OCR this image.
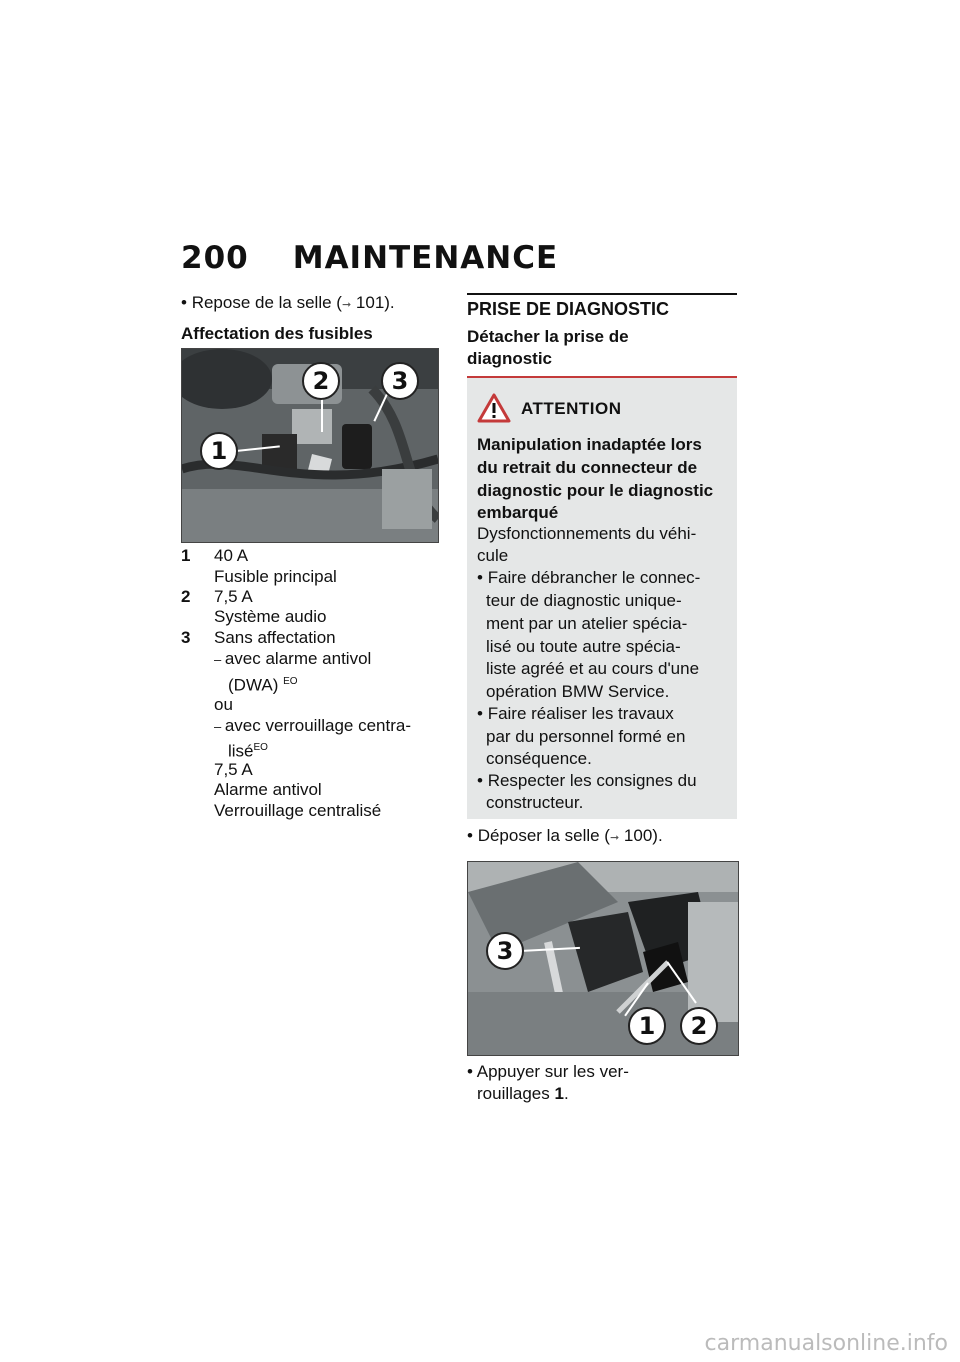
200 MAINTENANCE
• Repose de la selle (➞ 101).
Affectation des fusibles
1
2	3
1 40 A
Fusible principal
2 7,5 A
Système audio
3 Sans affectation
– avec alarme antivol
(DWA) $^{EO}$
ou
– avec verrouillage centra-
lisé$^{EO}$
7,5 A
Alarme antivol
Verrouillage centralisé
PRISE DE DIAGNOSTIC
Détacher la prise de
diagnostic
ATTENTION
Manipulation inadaptée lors
du retrait du connecteur de
diagnostic pour le diagnostic
embarqué
Dysfonctionnements du véhi-
cule
• Faire débrancher le connec-
teur de diagnostic unique-
ment par un atelier spécia-
lisé ou toute autre spécia-
liste agréé et au cours d'une
opération BMW Service.
• Faire réaliser les travaux
par du personnel formé en
conséquence.
• Respecter les consignes du
constructeur.
• Déposer la selle (➞ 100).
3
1	2
• Appuyer sur les ver-
rouillages 1.
carmanualsonline.info
